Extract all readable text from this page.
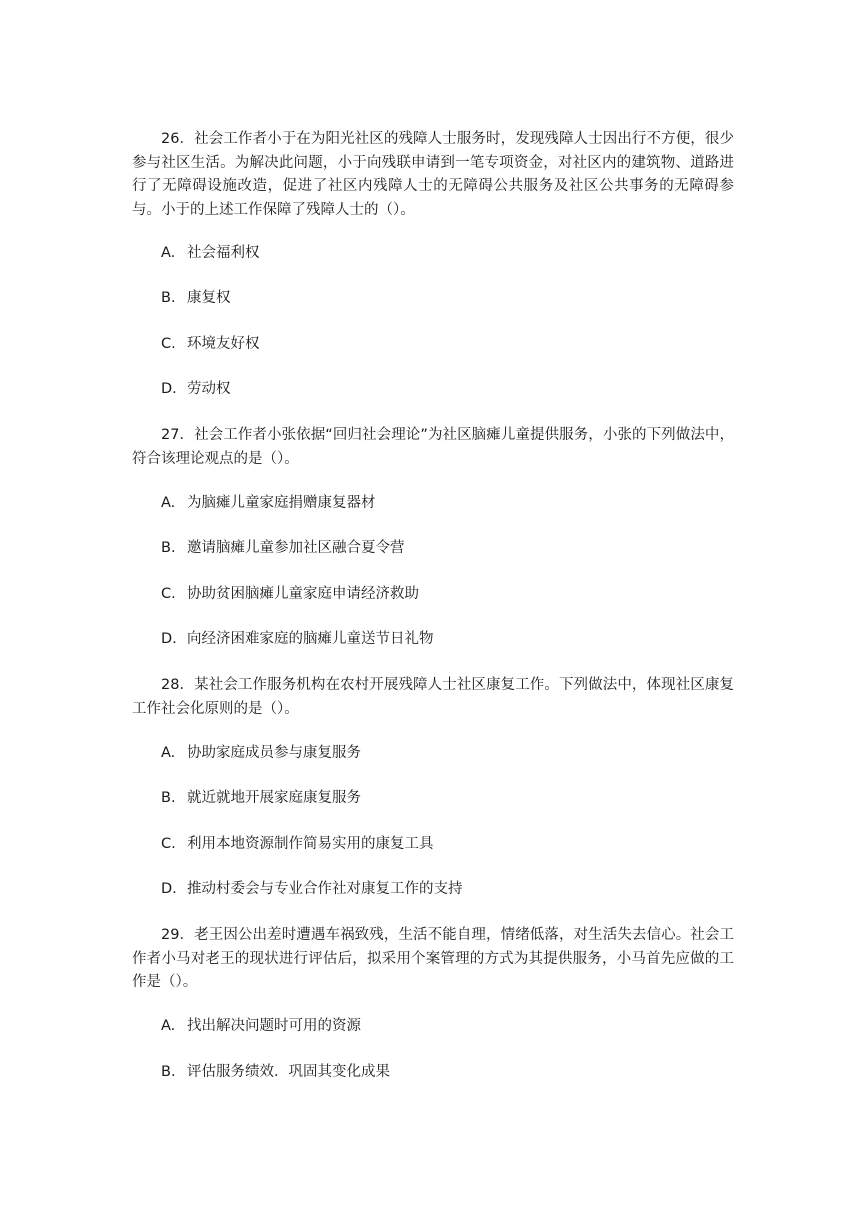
26．社会工作者小于在为阳光社区的残障人士服务时，发现残障人士因出行不方便，很少参与社区生活。为解决此问题，小于向残联申请到一笔专项资金，对社区内的建筑物、道路进行了无障碍设施改造，促进了社区内残障人士的无障碍公共服务及社区公共事务的无障碍参与。小于的上述工作保障了残障人士的（）。

A. 社会福利权

B. 康复权

C. 环境友好权

D. 劳动权

27．社会工作者小张依据“回归社会理论”为社区脑瘫儿童提供服务，小张的下列做法中，符合该理论观点的是（）。

A. 为脑瘫儿童家庭捐赠康复器材

B. 邀请脑瘫儿童参加社区融合夏令营

C. 协助贫困脑瘫儿童家庭申请经济救助

D. 向经济困难家庭的脑瘫儿童送节日礼物

28．某社会工作服务机构在农村开展残障人士社区康复工作。下列做法中，体现社区康复工作社会化原则的是（）。

A. 协助家庭成员参与康复服务

B. 就近就地开展家庭康复服务

C. 利用本地资源制作简易实用的康复工具

D. 推动村委会与专业合作社对康复工作的支持

29．老王因公出差时遭遇车祸致残，生活不能自理，情绪低落，对生活失去信心。社会工作者小马对老王的现状进行评估后，拟采用个案管理的方式为其提供服务，小马首先应做的工作是（）。

A. 找出解决问题时可用的资源

B. 评估服务绩效．巩固其变化成果
